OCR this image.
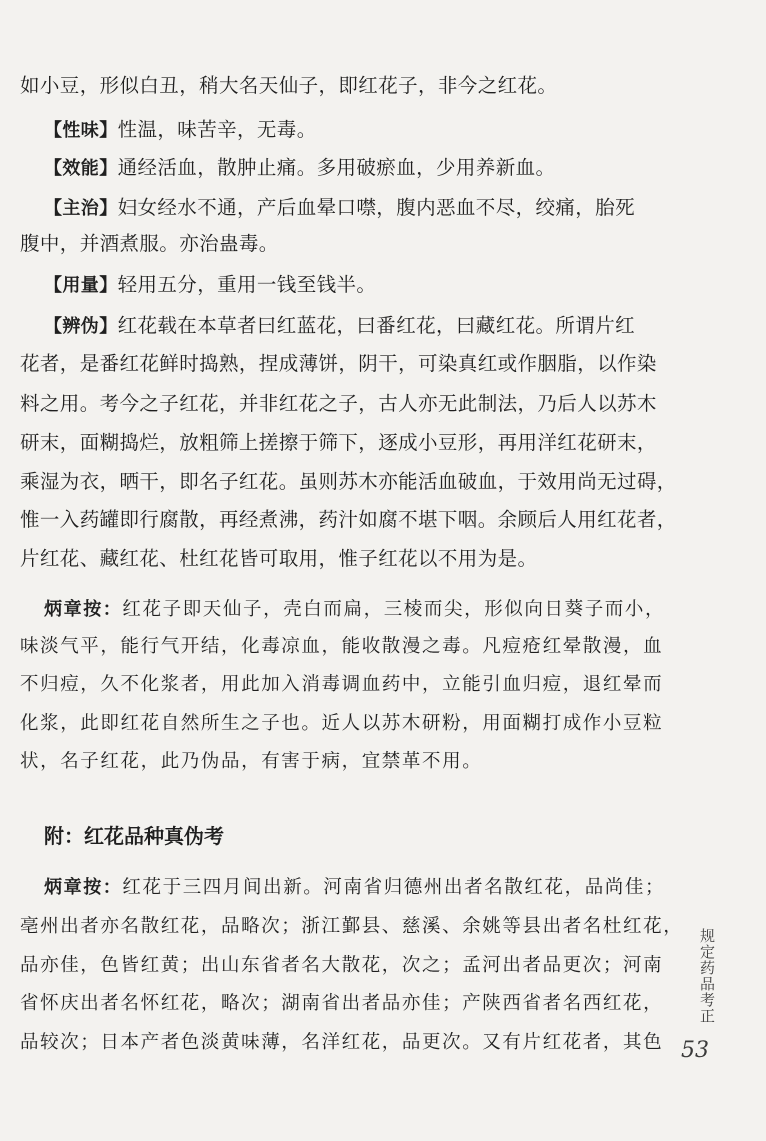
如小豆，形似白丑，稍大名天仙子，即红花子，非今之红花。
【性味】性温，味苦辛，无毒。
【效能】通经活血，散肿止痛。多用破瘀血，少用养新血。
【主治】妇女经水不通，产后血晕口噤，腹内恶血不尽，绞痛，胎死
腹中，并酒煮服。亦治蛊毒。
【用量】轻用五分，重用一钱至钱半。
【辨伪】红花载在本草者曰红蓝花，曰番红花，曰藏红花。所谓片红
花者，是番红花鲜时捣熟，捏成薄饼，阴干，可染真红或作胭脂，以作染
料之用。考今之子红花，并非红花之子，古人亦无此制法，乃后人以苏木
研末，面糊捣烂，放粗筛上搓擦于筛下，逐成小豆形，再用洋红花研末，
乘湿为衣，晒干，即名子红花。虽则苏木亦能活血破血，于效用尚无过碍，
惟一入药罐即行腐散，再经煮沸，药汁如腐不堪下咽。余顾后人用红花者，
片红花、藏红花、杜红花皆可取用，惟子红花以不用为是。
炳章按：红花子即天仙子，壳白而扁，三棱而尖，形似向日葵子而小，
味淡气平，能行气开结，化毒凉血，能收散漫之毒。凡痘疮红晕散漫，血
不归痘，久不化浆者，用此加入消毒调血药中，立能引血归痘，退红晕而
化浆，此即红花自然所生之子也。近人以苏木研粉，用面糊打成作小豆粒
状，名子红花，此乃伪品，有害于病，宜禁革不用。
附：红花品种真伪考
炳章按：红花于三四月间出新。河南省归德州出者名散红花，品尚佳；
亳州出者亦名散红花，品略次；浙江鄞县、慈溪、余姚等县出者名杜红花，
品亦佳，色皆红黄；出山东省者名大散花，次之；孟河出者品更次；河南
省怀庆出者名怀红花，略次；湖南省出者品亦佳；产陕西省者名西红花，
品较次；日本产者色淡黄味薄，名洋红花，品更次。又有片红花者，其色
规定药品考正
53
